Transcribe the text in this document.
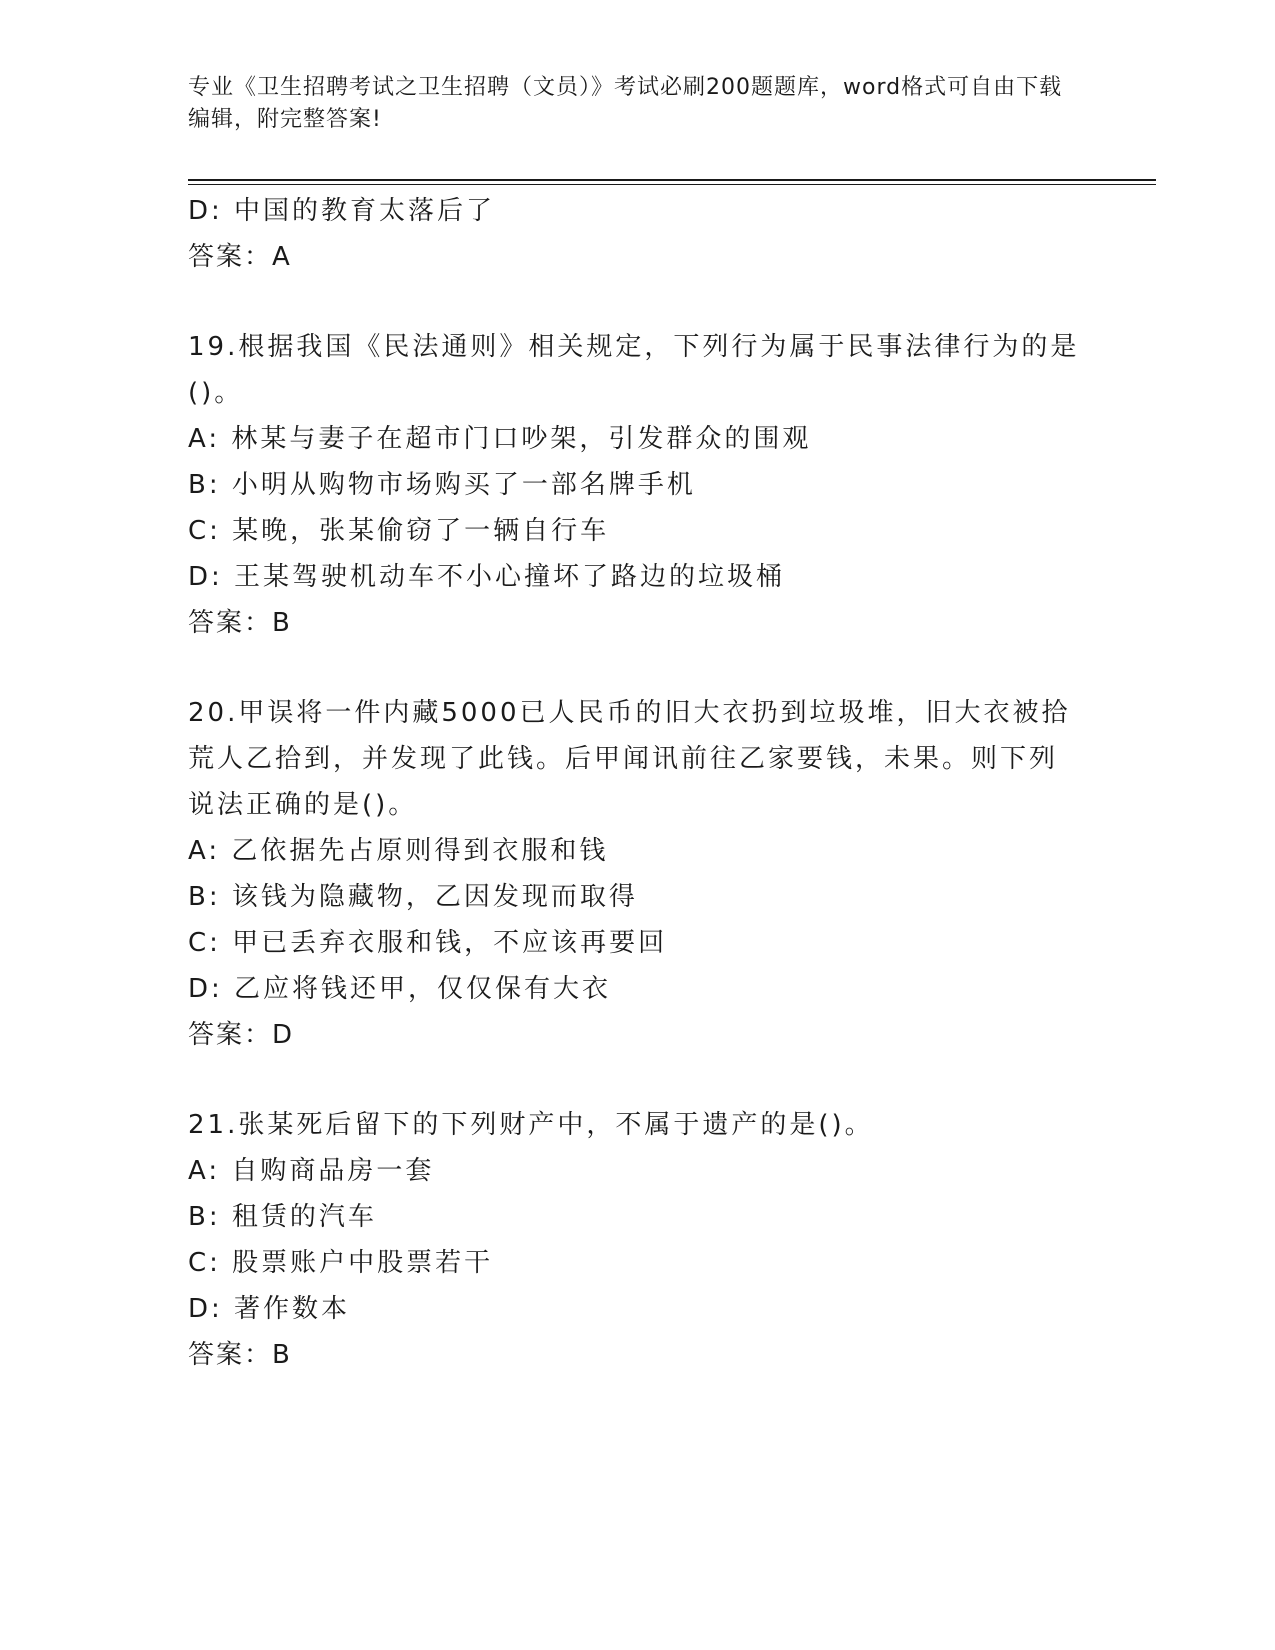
专业《卫生招聘考试之卫生招聘（文员）》考试必刷200题题库，word格式可自由下载编辑，附完整答案!
D: 中国的教育太落后了
答案：A
19.根据我国《民法通则》相关规定，下列行为属于民事法律行为的是
()。
A: 林某与妻子在超市门口吵架，引发群众的围观
B: 小明从购物市场购买了一部名牌手机
C: 某晚，张某偷窃了一辆自行车
D: 王某驾驶机动车不小心撞坏了路边的垃圾桶
答案：B
20.甲误将一件内藏5000已人民币的旧大衣扔到垃圾堆，旧大衣被拾
荒人乙拾到，并发现了此钱。后甲闻讯前往乙家要钱，未果。则下列
说法正确的是()。
A: 乙依据先占原则得到衣服和钱
B: 该钱为隐藏物，乙因发现而取得
C: 甲已丢弃衣服和钱，不应该再要回
D: 乙应将钱还甲，仅仅保有大衣
答案：D
21.张某死后留下的下列财产中，不属于遗产的是()。
A: 自购商品房一套
B: 租赁的汽车
C: 股票账户中股票若干
D: 著作数本
答案：B
